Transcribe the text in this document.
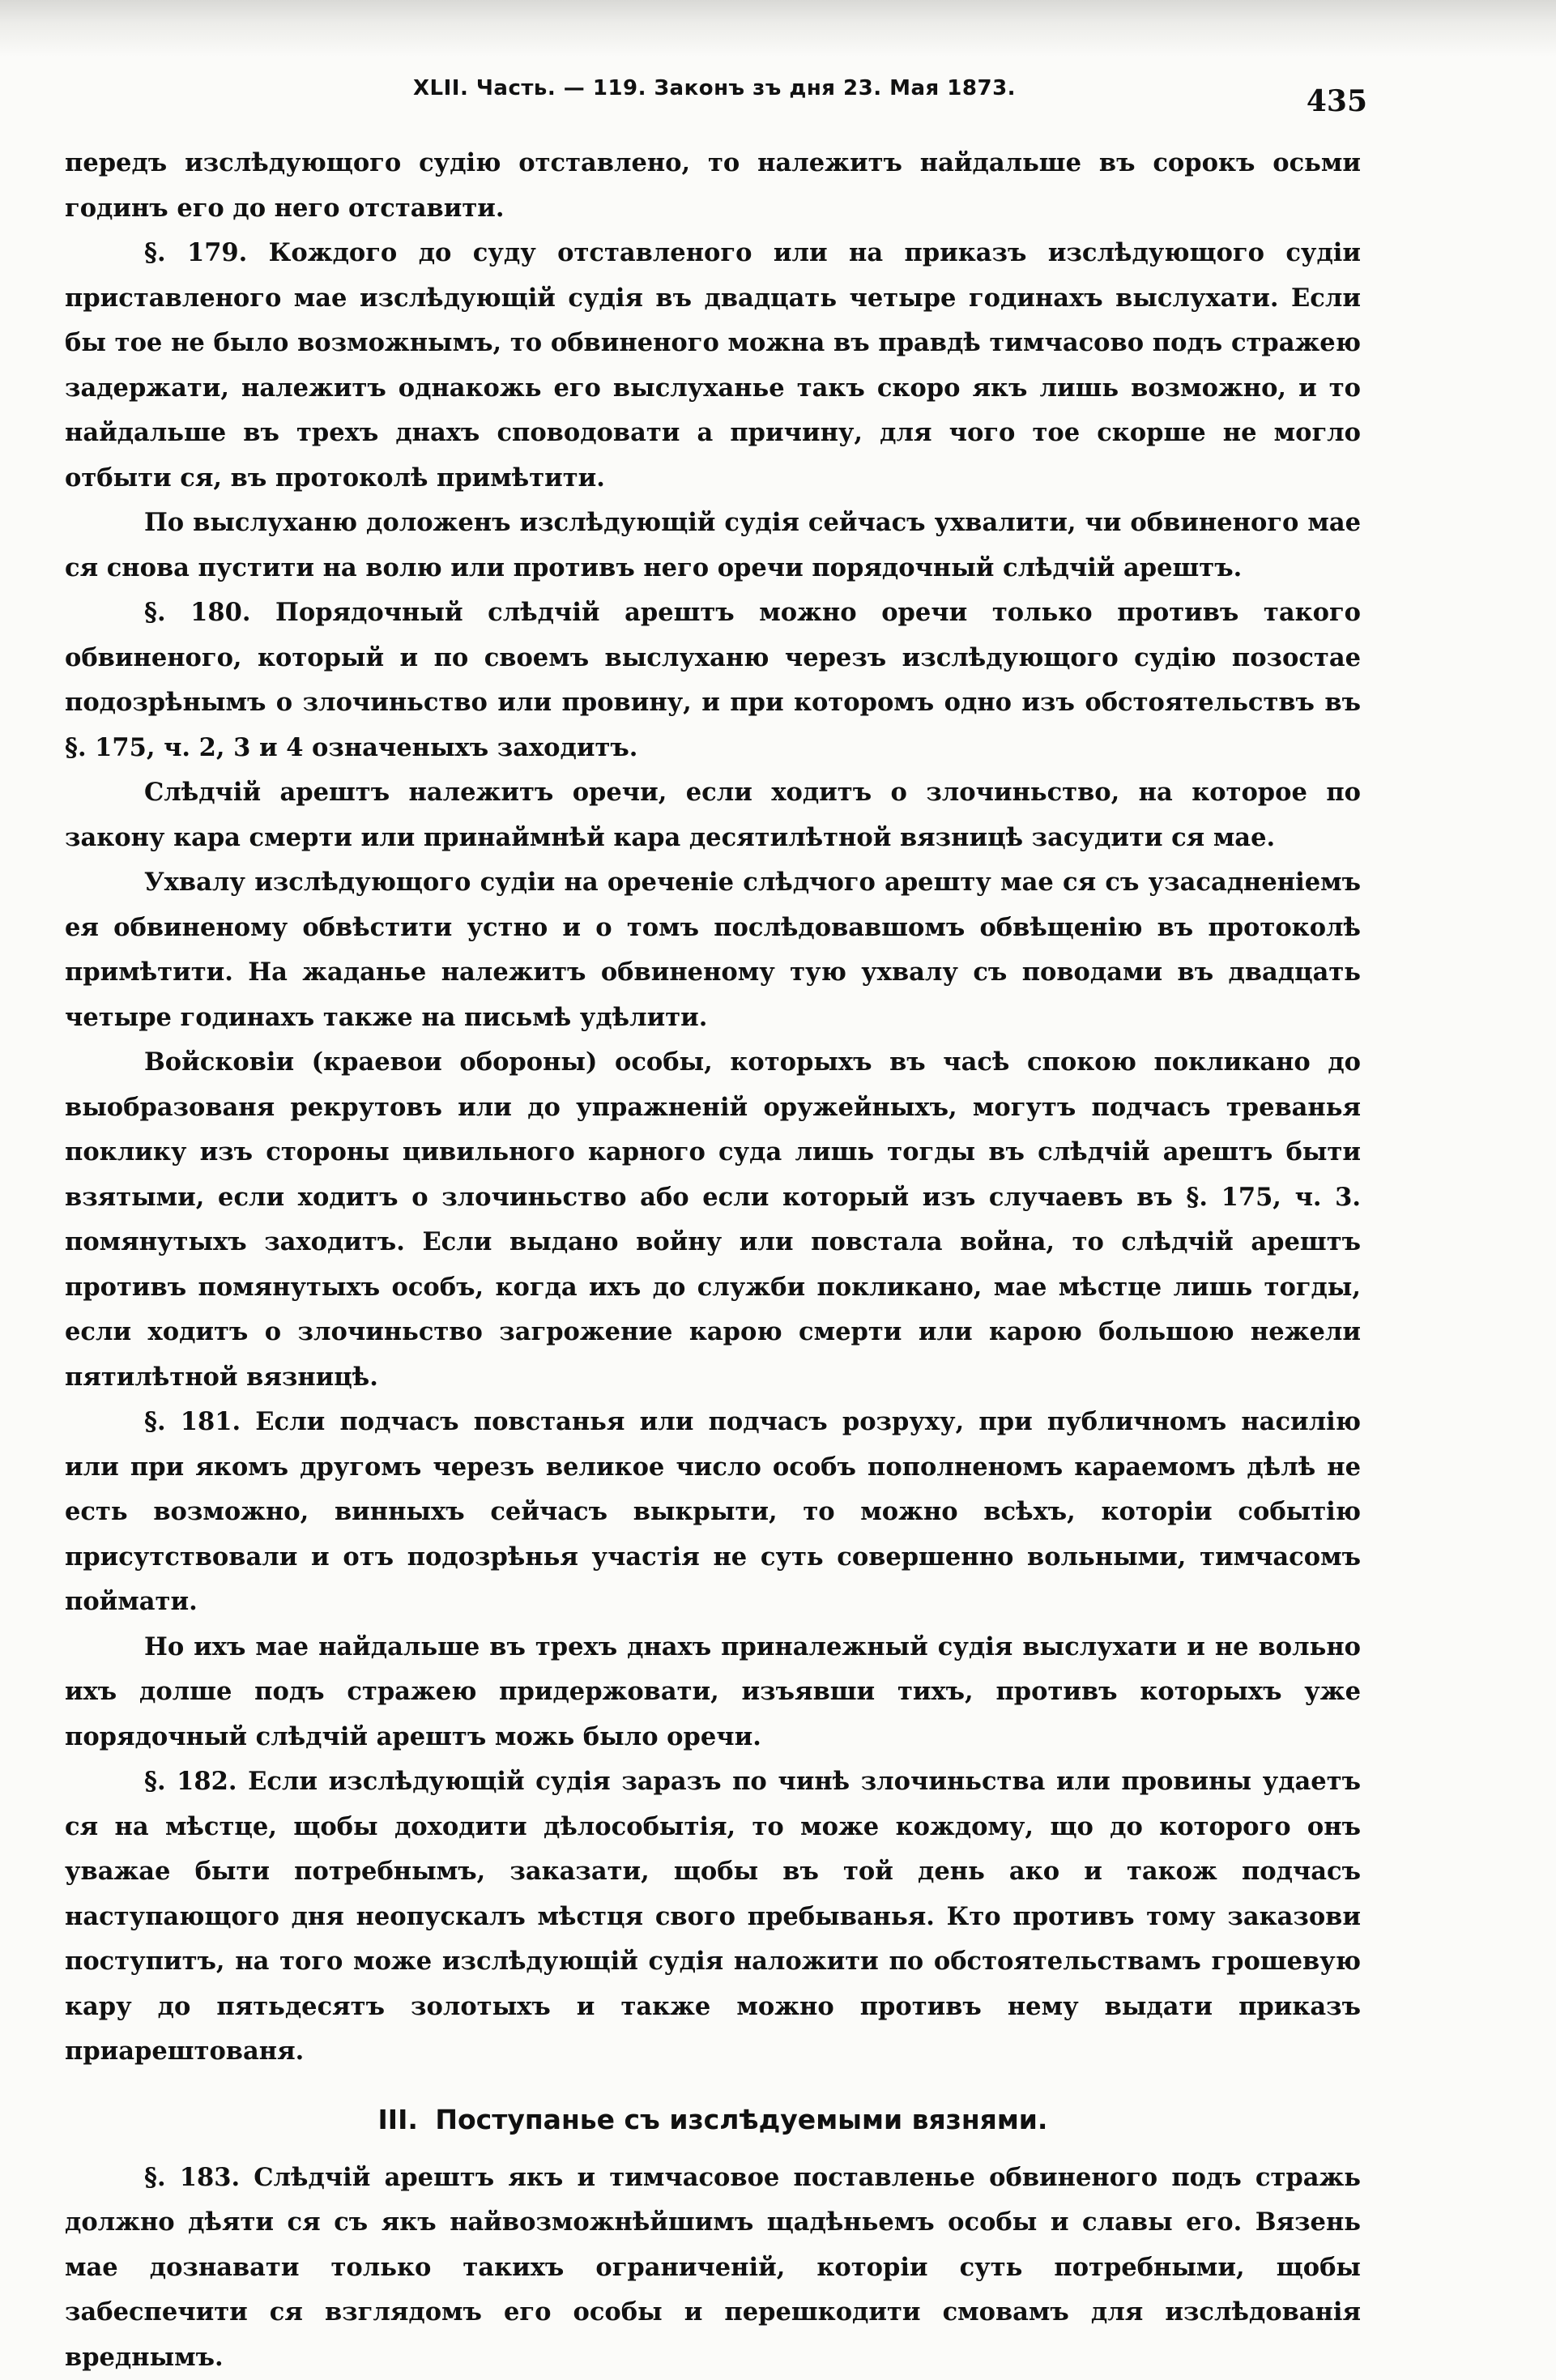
XLII. Часть. — 119. Законъ зъ дня 23. Мая 1873.	435

передъ изслѣдующого судію отставлено, то належитъ найдальше въ сорокъ осьми годинъ его до него отставити.

§. 179. Кождого до суду отставленого или на приказъ изслѣдующого судіи приставленого мае изслѣдующій судія въ двадцать четыре годинахъ выслухати. Если бы тое не было возможнымъ, то обвиненого можна въ правдѣ тимчасово подъ стражею задержати, належитъ однакожь его выслуханье такъ скоро якъ лишь возможно, и то найдальше въ трехъ днахъ споводовати а причину, для чого тое скорше не могло отбыти ся, въ протоколѣ примѣтити.

По выслуханю доложенъ изслѣдующій судія сейчасъ ухвалити, чи обвиненого мае ся снова пустити на волю или противъ него оречи порядочный слѣдчій арештъ.

§. 180. Порядочный слѣдчій арештъ можно оречи только противъ такого обвиненого, который и по своемъ выслуханю черезъ изслѣдующого судію позостае подозрѣнымъ о злочиньство или провину, и при которомъ одно изъ обстоятельствъ въ §. 175, ч. 2, 3 и 4 означеныхъ заходитъ.

Слѣдчій арештъ належитъ оречи, если ходитъ о злочиньство, на которое по закону кара смерти или принаймнѣй кара десятилѣтной вязницѣ засудити ся мае.

Ухвалу изслѣдующого судіи на ореченіе слѣдчого арешту мае ся съ узасадненіемъ ея обвиненому обвѣстити устно и о томъ послѣдовавшомъ обвѣщенію въ протоколѣ примѣтити. На жаданье належитъ обвиненому тую ухвалу съ поводами въ двадцать четыре годинахъ также на письмѣ удѣлити.

Войсковіи (краевои обороны) особы, которыхъ въ часѣ спокою покликано до выобразованя рекрутовъ или до упражненій оружейныхъ, могутъ подчасъ треванья поклику изъ стороны цивильного карного суда лишь тогды въ слѣдчій арештъ быти взятыми, если ходитъ о злочиньство або если который изъ случаевъ въ §. 175, ч. 3. помянутыхъ заходитъ. Если выдано войну или повстала война, то слѣдчій арештъ противъ помянутыхъ особъ, когда ихъ до служби покликано, мае мѣстце лишь тогды, если ходитъ о злочиньство загрожение карою смерти или карою большою нежели пятилѣтной вязницѣ.

§. 181. Если подчасъ повстанья или подчасъ розруху, при публичномъ насилію или при якомъ другомъ черезъ великое число особъ пополненомъ караемомъ дѣлѣ не есть возможно, винныхъ сейчасъ выкрыти, то можно всѣхъ, которіи событію присутствовали и отъ подозрѣнья участія не суть совершенно вольными, тимчасомъ поймати.

Но ихъ мае найдальше въ трехъ днахъ приналежный судія выслухати и не вольно ихъ долше подъ стражею придержовати, изъявши тихъ, противъ которыхъ уже порядочный слѣдчій арештъ можь было оречи.

§. 182. Если изслѣдующій судія заразъ по чинѣ злочиньства или провины удаетъ ся на мѣстце, щобы доходити дѣлособытія, то може кождому, що до которого онъ уважае быти потребнымъ, заказати, щобы въ той день ако и також подчасъ наступающого дня неопускалъ мѣстця свого пребыванья. Кто противъ тому заказови поступитъ, на того може изслѣдующій судія наложити по обстоятельствамъ грошевую кару до пятьдесятъ золотыхъ и также можно противъ нему выдати приказъ приарештованя.

III. Поступанье съ изслѣдуемыми вязнями.

§. 183. Слѣдчій арештъ якъ и тимчасовое поставленье обвиненого подъ стражь должно дѣяти ся съ якъ найвозможнѣйшимъ щадѣньемъ особы и славы его. Вязень мае дознавати только такихъ ограниченій, которіи суть потребными, щобы забеспечити ся взглядомъ его особы и перешкодити смовамъ для изслѣдованія вреднымъ.
